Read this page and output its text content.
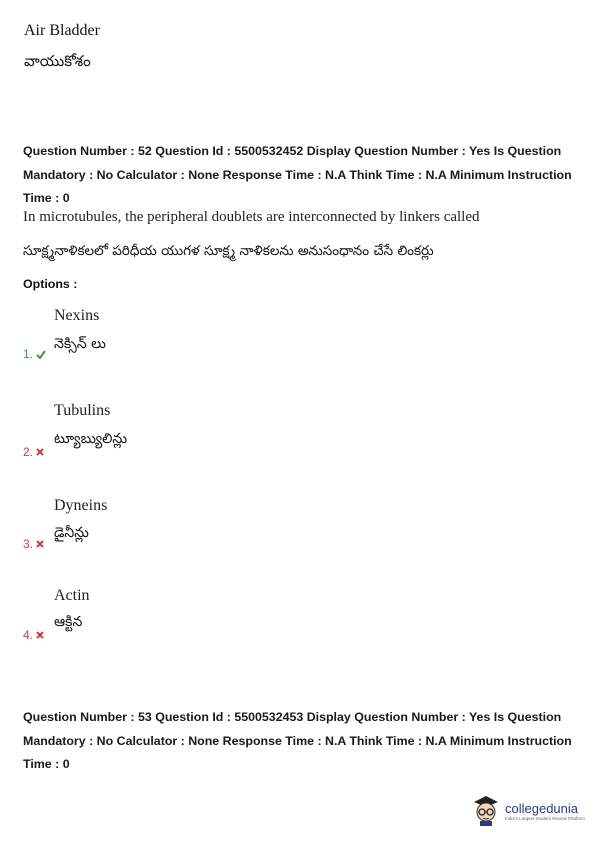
Air Bladder
వాయుకోశం
Question Number : 52 Question Id : 5500532452 Display Question Number : Yes Is Question
Mandatory : No Calculator : None Response Time : N.A Think Time : N.A Minimum Instruction
Time : 0
In microtubules, the peripheral doublets are interconnected by linkers called
సూక్ష్మనాళికలలో పరిధీయ యుగళ సూక్ష్మ నాళికలను అనుసంధానం చేసే లింకర్లు
Options :
Nexins
1.
నెక్సిన్ లు
Tubulins
2.
ట్యూబ్యులిన్లు
Dyneins
3.
డైనీన్లు
Actin
4.
ఆక్టిన
Question Number : 53 Question Id : 5500532453 Display Question Number : Yes Is Question
Mandatory : No Calculator : None Response Time : N.A Think Time : N.A Minimum Instruction
Time : 0
collegedunia
India's Largest Student Review Platform
